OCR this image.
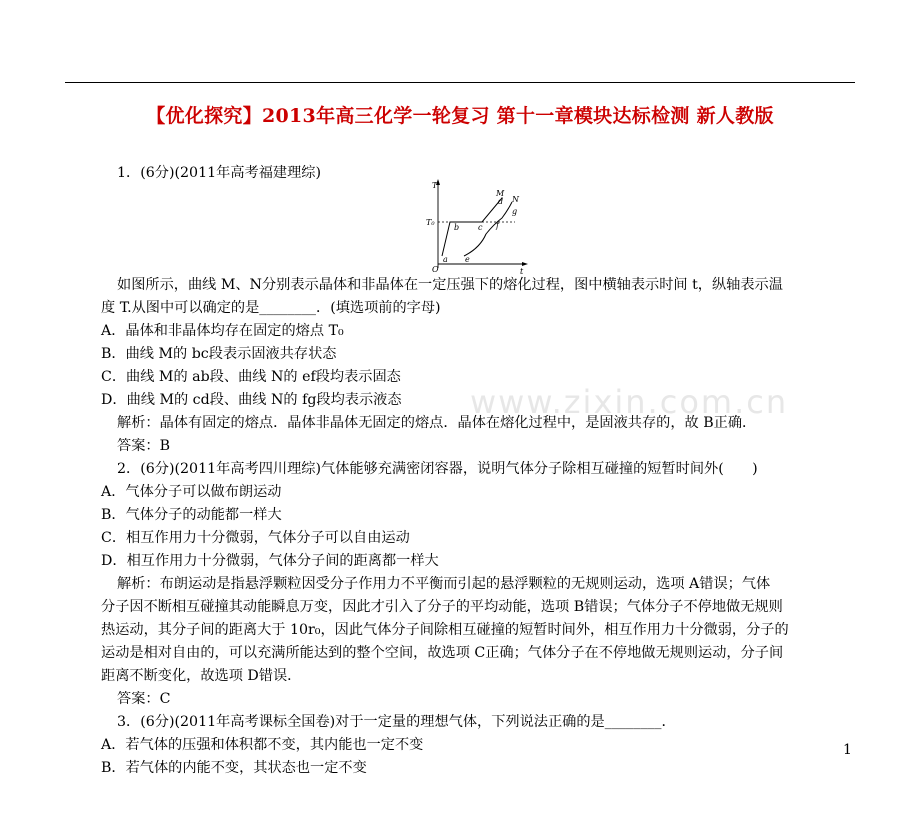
【优化探究】2013年高三化学一轮复习 第十一章模块达标检测 新人教版
1．(6分)(2011年高考福建理综)
T
T₀
O	t
M
d N
g
b c f
a e
如图所示，曲线 M、N分别表示晶体和非晶体在一定压强下的熔化过程，图中横轴表示时间 t，纵轴表示温
度 T.从图中可以确定的是________．(填选项前的字母)
A．晶体和非晶体均存在固定的熔点 T₀
B．曲线 M的 bc段表示固液共存状态
C．曲线 M的 ab段、曲线 N的 ef段均表示固态
D．曲线 M的 cd段、曲线 N的 fg段均表示液态
解析：晶体有固定的熔点．晶体非晶体无固定的熔点．晶体在熔化过程中，是固液共存的，故 B正确．
答案：B
2．(6分)(2011年高考四川理综)气体能够充满密闭容器，说明气体分子除相互碰撞的短暂时间外(　　)
A．气体分子可以做布朗运动
B．气体分子的动能都一样大
C．相互作用力十分微弱，气体分子可以自由运动
D．相互作用力十分微弱，气体分子间的距离都一样大
解析：布朗运动是指悬浮颗粒因受分子作用力不平衡而引起的悬浮颗粒的无规则运动，选项 A错误；气体
分子因不断相互碰撞其动能瞬息万变，因此才引入了分子的平均动能，选项 B错误；气体分子不停地做无规则
热运动，其分子间的距离大于 10r₀，因此气体分子间除相互碰撞的短暂时间外，相互作用力十分微弱，分子的
运动是相对自由的，可以充满所能达到的整个空间，故选项 C正确；气体分子在不停地做无规则运动，分子间
距离不断变化，故选项 D错误．
答案：C
3．(6分)(2011年高考课标全国卷)对于一定量的理想气体，下列说法正确的是________．
A．若气体的压强和体积都不变，其内能也一定不变
B．若气体的内能不变，其状态也一定不变
www.zixin.com.cn
1
